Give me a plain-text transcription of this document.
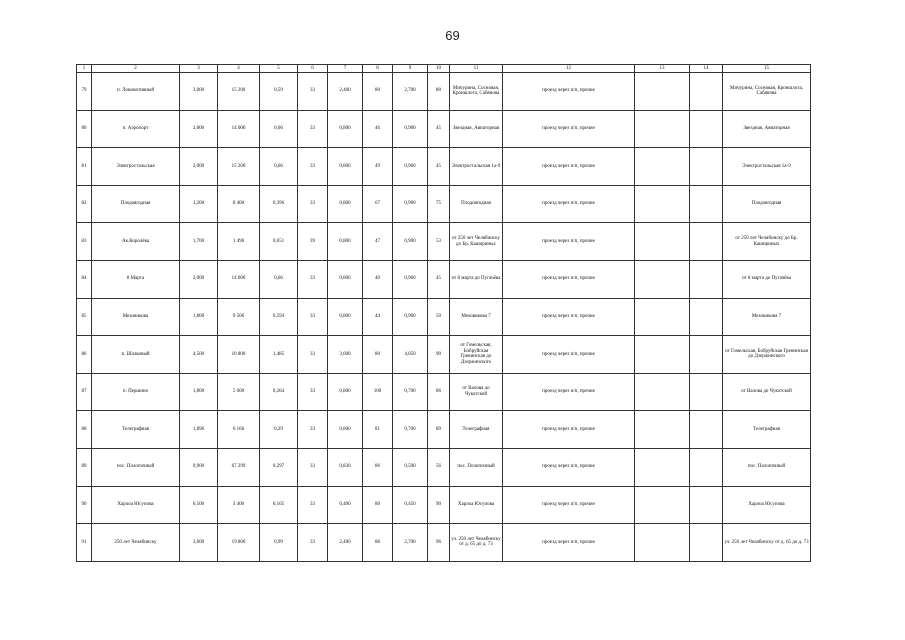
69
1	2	3	4	5	6	7	8	9	10	11	12	13	14	15
79	п. Локомотивный	3,000	15 200	0,59	33	2,400	80	2,700	80	Мичурина, Сосновая, Кроншлота, Сабянова	проезд через п/п, прочие			Мичурина, Сосновая, Кроншлота, Сабянова
80	п. Аэропорт	2,000	14 000	0,66	33	0,800	46	0,900	45	Звездная, Авиаторная	проезд через п/п, прочие			Звездная, Авиаторная
81	Электростальская	2,000	15 200	0,66	33	0,800	49	0,900	45	Электростальская 1а-9	проезд через п/п, прочие			Электростальская 1а-9
82	Плодоягодная	1,200	8 400	0,396	33	0,800	67	0,900	75	Плодоягодная	проезд через п/п, прочие			Плодоягодная
83	Ак.Королёва	1,700	1 496	0,651	39	0,800	47	0,900	53	от 250 лет Челябинску до Бр. Кашириных	проезд через п/п, прочие			от 250 лет Челябинску до Бр. Кашириных
84	8 Марта	2,000	14 000	0,66	33	0,800	40	0,900	45	от 8 марта до Пугачёва	проезд через п/п, прочие			от 8 марта до Пугачёва
85	Меховикова	1,800	9 506	0,594	33	0,800	44	0,900	50	Меховикова 7	проезд через п/п, прочие			Меховикова 7
86	п. Шлаковый	4,500	10 800	1,485	33	3,600	80	4,050	90	от Гомельская, Бобруйская Гренинская до Дзержинского	проезд через п/п, прочие			от Гомельская, Бобруйская Гренинская до Дзержинского
87	п. Першино	1,800	5 600	0,264	33	0,800	100	0,700	86	от Валова до Чукотской	проезд через п/п, прочие			от Валова до Чукотской
88	Телеграфная	1,896	6 166	0,29	33	0,800	81	0,700	89	Телеграфная	проезд через п/п, прочие			Телеграфная
89	пос. Полопочный	0,900	67 299	0,297	33	0,830	86	0,500	56	пос. Полопочный	проезд через п/п, прочие			пос. Полопочный
90	Харлоа Юсупова	0,500	3 400	0,165	33	0,400	80	0,450	90	Харлоа Юсупова	проезд через п/п, прочие			Харлоа Юсупова
91	250 лет Челябинску	3,000	19 800	0,99	33	2,400	88	2,700	96	ул. 250 лет Челябинску от д. 65 до д. 73	проезд через п/п, прочие			ул. 250 лет Челябинску от д. 65 до д. 73
